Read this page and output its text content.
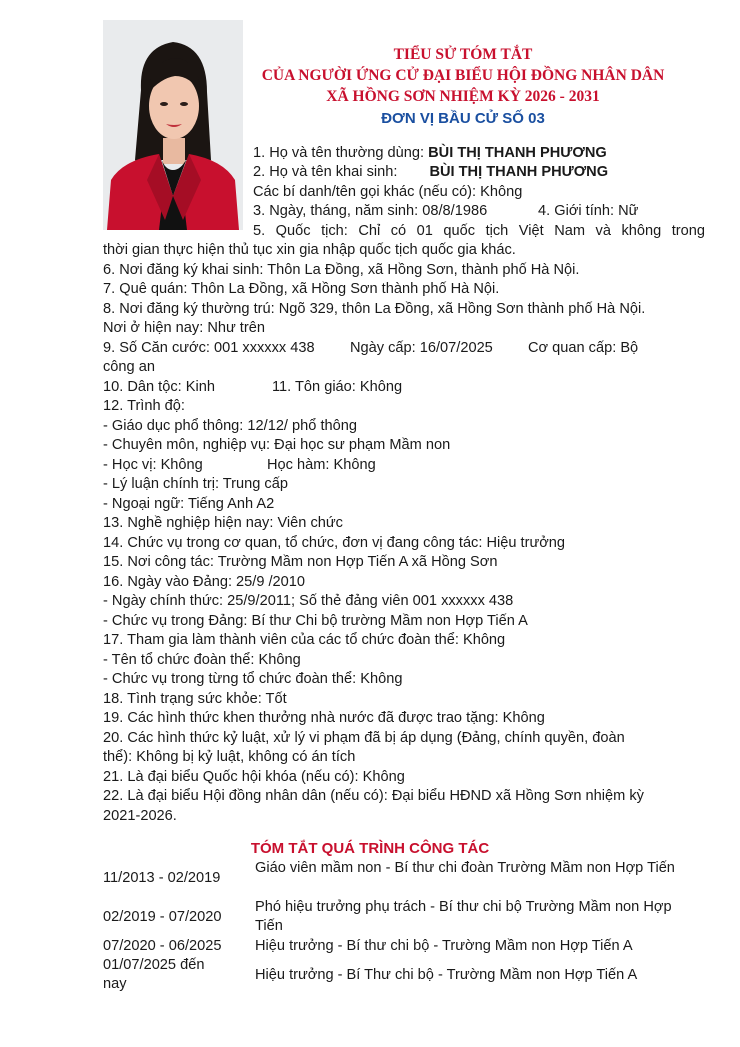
TIỂU SỬ TÓM TẮT
CỦA NGƯỜI ỨNG CỬ ĐẠI BIỂU HỘI ĐỒNG NHÂN DÂN
XÃ HỒNG SƠN NHIỆM KỲ 2026 - 2031
ĐƠN VỊ BẦU CỬ SỐ 03
1. Họ và tên thường dùng: BÙI THỊ THANH PHƯƠNG
2. Họ và tên khai sinh: BÙI THỊ THANH PHƯƠNG
Các bí danh/tên gọi khác (nếu có): Không
3. Ngày, tháng, năm sinh: 08/8/1986	4. Giới tính: Nữ
5. Quốc tịch: Chỉ có 01 quốc tịch Việt Nam và không trong
thời gian thực hiện thủ tục xin gia nhập quốc tịch quốc gia khác.
6. Nơi đăng ký khai sinh: Thôn La Đồng, xã Hồng Sơn, thành phố Hà Nội.
7. Quê quán: Thôn La Đồng, xã Hồng Sơn thành phố Hà Nội.
8. Nơi đăng ký thường trú: Ngõ 329, thôn La Đồng, xã Hồng Sơn thành phố Hà Nội.
Nơi ở hiện nay: Như trên
9. Số Căn cước: 001 xxxxxx 438 Ngày cấp: 16/07/2025 Cơ quan cấp: Bộ
công an
10. Dân tộc: Kinh	11. Tôn giáo: Không
12. Trình độ:
- Giáo dục phổ thông: 12/12/ phổ thông
- Chuyên môn, nghiệp vụ: Đại học sư phạm Mầm non
- Học vị: Không	Học hàm: Không
- Lý luận chính trị: Trung cấp
- Ngoại ngữ: Tiếng Anh A2
13. Nghề nghiệp hiện nay: Viên chức
14. Chức vụ trong cơ quan, tổ chức, đơn vị đang công tác: Hiệu trưởng
15. Nơi công tác: Trường Mầm non Hợp Tiến A xã Hồng Sơn
16. Ngày vào Đảng: 25/9 /2010
- Ngày chính thức: 25/9/2011; Số thẻ đảng viên 001 xxxxxx 438
- Chức vụ trong Đảng: Bí thư Chi bộ trường Mầm non Hợp Tiến A
17. Tham gia làm thành viên của các tổ chức đoàn thể: Không
- Tên tổ chức đoàn thể: Không
- Chức vụ trong từng tổ chức đoàn thể: Không
18. Tình trạng sức khỏe: Tốt
19. Các hình thức khen thưởng nhà nước đã được trao tặng: Không
20. Các hình thức kỷ luật, xử lý vi phạm đã bị áp dụng (Đảng, chính quyền, đoàn
thể): Không bị kỷ luật, không có án tích
21. Là đại biểu Quốc hội khóa (nếu có): Không
22. Là đại biểu Hội đồng nhân dân (nếu có): Đại biểu HĐND xã Hồng Sơn nhiệm kỳ
2021-2026.
TÓM TẮT QUÁ TRÌNH CÔNG TÁC
11/2013 - 02/2019
Giáo viên mầm non - Bí thư chi đoàn Trường Mầm non Hợp Tiến
02/2019 - 07/2020
Phó hiệu trưởng phụ trách - Bí thư chi bộ Trường Mầm non Hợp Tiến
07/2020 - 06/2025	Hiệu trưởng - Bí thư chi bộ - Trường Mầm non Hợp Tiến A
01/07/2025 đến nay
Hiệu trưởng - Bí Thư chi bộ - Trường Mầm non Hợp Tiến A
